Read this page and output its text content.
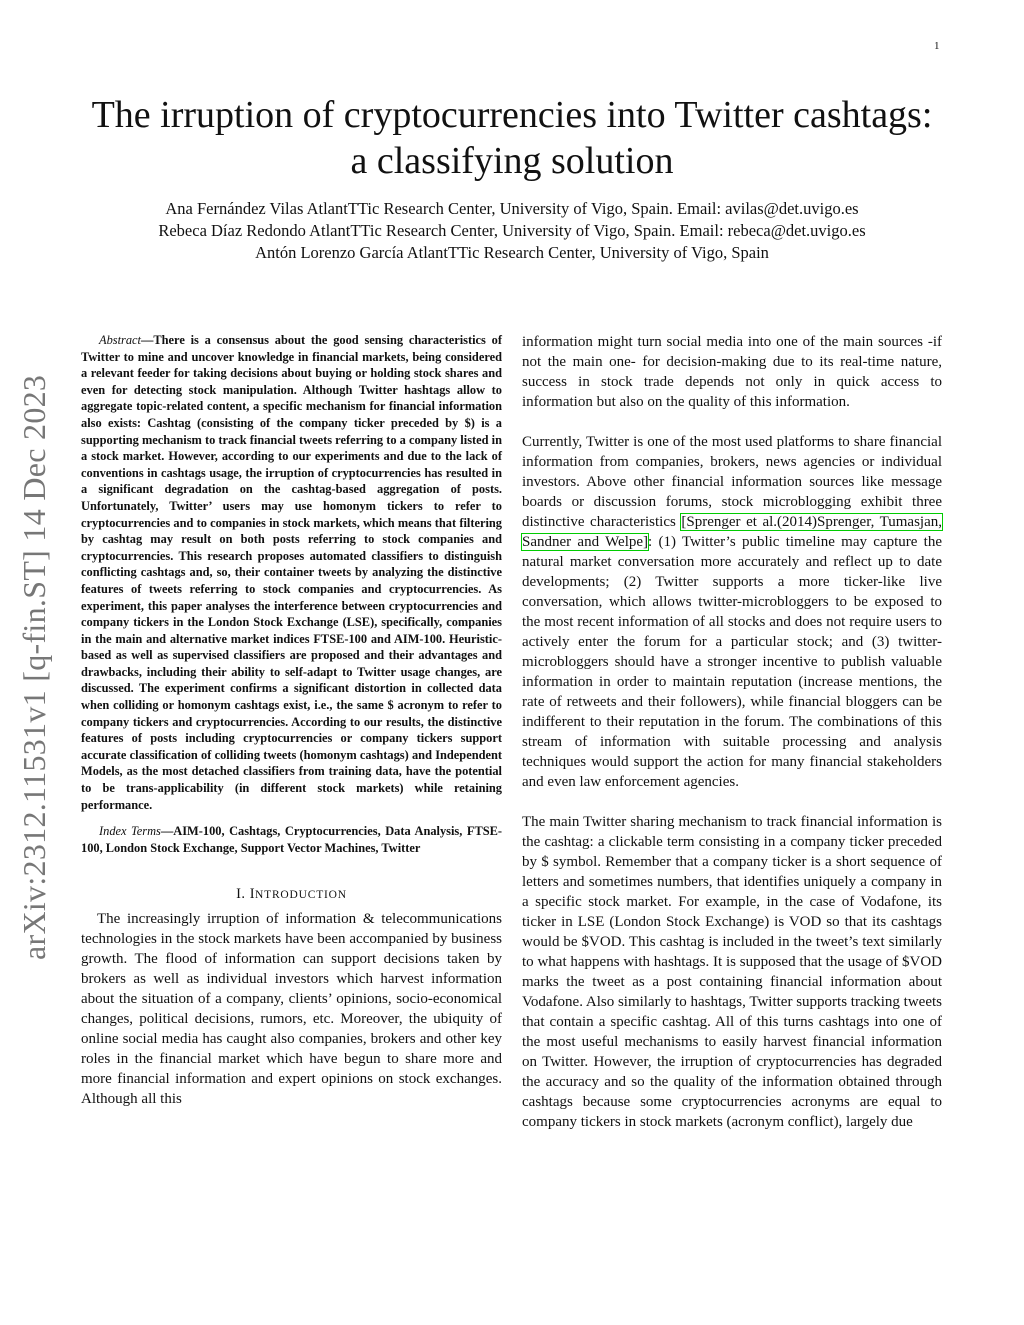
1
The irruption of cryptocurrencies into Twitter cashtags: a classifying solution
Ana Fernández Vilas AtlantTTic Research Center, University of Vigo, Spain. Email: avilas@det.uvigo.es
Rebeca Díaz Redondo AtlantTTic Research Center, University of Vigo, Spain. Email: rebeca@det.uvigo.es
Antón Lorenzo García AtlantTTic Research Center, University of Vigo, Spain
arXiv:2312.11531v1 [q-fin.ST] 14 Dec 2023

Abstract—There is a consensus about the good sensing characteristics of Twitter to mine and uncover knowledge in financial markets, being considered a relevant feeder for taking decisions about buying or holding stock shares and even for detecting stock manipulation. Although Twitter hashtags allow to aggregate topic-related content, a specific mechanism for financial information also exists: Cashtag (consisting of the company ticker preceded by $) is a supporting mechanism to track financial tweets referring to a company listed in a stock market. However, according to our experiments and due to the lack of conventions in cashtags usage, the irruption of cryptocurrencies has resulted in a significant degradation on the cashtag-based aggregation of posts. Unfortunately, Twitter’ users may use homonym tickers to refer to cryptocurrencies and to companies in stock markets, which means that filtering by cashtag may result on both posts referring to stock companies and cryptocurrencies. This research proposes automated classifiers to distinguish conflicting cashtags and, so, their container tweets by analyzing the distinctive features of tweets referring to stock companies and cryptocurrencies. As experiment, this paper analyses the interference between cryptocurrencies and company tickers in the London Stock Exchange (LSE), specifically, companies in the main and alternative market indices FTSE-100 and AIM-100. Heuristic-based as well as supervised classifiers are proposed and their advantages and drawbacks, including their ability to self-adapt to Twitter usage changes, are discussed. The experiment confirms a significant distortion in collected data when colliding or homonym cashtags exist, i.e., the same $ acronym to refer to company tickers and cryptocurrencies. According to our results, the distinctive features of posts including cryptocurrencies or company tickers support accurate classification of colliding tweets (homonym cashtags) and Independent Models, as the most detached classifiers from training data, have the potential to be trans-applicability (in different stock markets) while retaining performance.

Index Terms—AIM-100, Cashtags, Cryptocurrencies, Data Analysis, FTSE-100, London Stock Exchange, Support Vector Machines, Twitter

I. INTRODUCTION

The increasingly irruption of information & telecommunications technologies in the stock markets have been accompanied by business growth. The flood of information can support decisions taken by brokers as well as individual investors which harvest information about the situation of a company, clients’ opinions, socio-economical changes, political decisions, rumors, etc. Moreover, the ubiquity of online social media has caught also companies, brokers and other key roles in the financial market which have begun to share more and more financial information and expert opinions on stock exchanges. Although all this

information might turn social media into one of the main sources -if not the main one- for decision-making due to its real-time nature, success in stock trade depends not only in quick access to information but also on the quality of this information.

Currently, Twitter is one of the most used platforms to share financial information from companies, brokers, news agencies or individual investors. Above other financial information sources like message boards or discussion forums, stock microblogging exhibit three distinctive characteristics [Sprenger et al.(2014)Sprenger, Tumasjan, Sandner and Welpe]: (1) Twitter’s public timeline may capture the natural market conversation more accurately and reflect up to date developments; (2) Twitter supports a more ticker-like live conversation, which allows twitter-microbloggers to be exposed to the most recent information of all stocks and does not require users to actively enter the forum for a particular stock; and (3) twitter-microbloggers should have a stronger incentive to publish valuable information in order to maintain reputation (increase mentions, the rate of retweets and their followers), while financial bloggers can be indifferent to their reputation in the forum. The combinations of this stream of information with suitable processing and analysis techniques would support the action for many financial stakeholders and even law enforcement agencies.

The main Twitter sharing mechanism to track financial information is the cashtag: a clickable term consisting in a company ticker preceded by $ symbol. Remember that a company ticker is a short sequence of letters and sometimes numbers, that identifies uniquely a company in a specific stock market. For example, in the case of Vodafone, its ticker in LSE (London Stock Exchange) is VOD so that its cashtags would be $VOD. This cashtag is included in the tweet’s text similarly to what happens with hashtags. It is supposed that the usage of $VOD marks the tweet as a post containing financial information about Vodafone. Also similarly to hashtags, Twitter supports tracking tweets that contain a specific cashtag. All of this turns cashtags into one of the most useful mechanisms to easily harvest financial information on Twitter. However, the irruption of cryptocurrencies has degraded the accuracy and so the quality of the information obtained through cashtags because some cryptocurrencies acronyms are equal to company tickers in stock markets (acronym conflict), largely due
